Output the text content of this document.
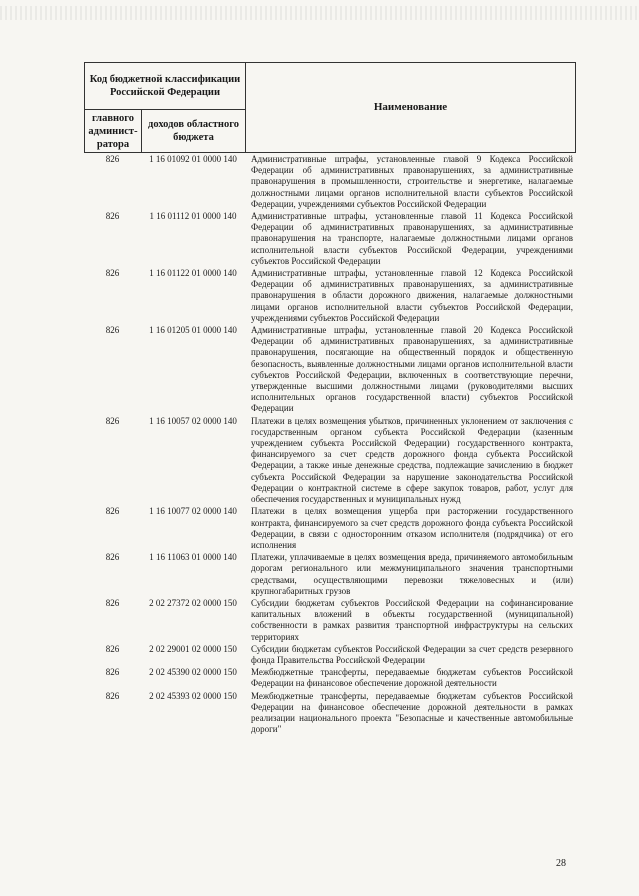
Код бюджетной классификации Российской Федерации		Наименование
главного админист-ратора	доходов областного бюджета	
826	1 16 01092 01 0000 140	Административные штрафы, установленные главой 9 Кодекса Российской Федерации об административных правонарушениях, за административные правонарушения в промышленности, строительстве и энергетике, налагаемые должностными лицами органов исполнительной власти субъектов Российской Федерации, учреждениями субъектов Российской Федерации
826	1 16 01112 01 0000 140	Административные штрафы, установленные главой 11 Кодекса Российской Федерации об административных правонарушениях, за административные правонарушения на транспорте, налагаемые должностными лицами органов исполнительной власти субъектов Российской Федерации, учреждениями субъектов Российской Федерации
826	1 16 01122 01 0000 140	Административные штрафы, установленные главой 12 Кодекса Российской Федерации об административных правонарушениях, за административные правонарушения в области дорожного движения, налагаемые должностными лицами органов исполнительной власти субъектов Российской Федерации, учреждениями субъектов Российской Федерации
826	1 16 01205 01 0000 140	Административные штрафы, установленные главой 20 Кодекса Российской Федерации об административных правонарушениях, за административные правонарушения, посягающие на общественный порядок и общественную безопасность, выявленные должностными лицами органов исполнительной власти субъектов Российской Федерации, включенных в соответствующие перечни, утвержденные высшими должностными лицами (руководителями высших исполнительных органов государственной власти) субъектов Российской Федерации
826	1 16 10057 02 0000 140	Платежи в целях возмещения убытков, причиненных уклонением от заключения с государственным органом субъекта Российской Федерации (казенным учреждением субъекта Российской Федерации) государственного контракта, финансируемого за счет средств дорожного фонда субъекта Российской Федерации, а также иные денежные средства, подлежащие зачислению в бюджет субъекта Российской Федерации за нарушение законодательства Российской Федерации о контрактной системе в сфере закупок товаров, работ, услуг для обеспечения государственных и муниципальных нужд
826	1 16 10077 02 0000 140	Платежи в целях возмещения ущерба при расторжении государственного контракта, финансируемого за счет средств дорожного фонда субъекта Российской Федерации, в связи с односторонним отказом исполнителя (подрядчика) от его исполнения
826	1 16 11063 01 0000 140	Платежи, уплачиваемые в целях возмещения вреда, причиняемого автомобильным дорогам регионального или межмуниципального значения транспортными средствами, осуществляющими перевозки тяжеловесных и (или) крупногабаритных грузов
826	2 02 27372 02 0000 150	Субсидии бюджетам субъектов Российской Федерации на софинансирование капитальных вложений в объекты государственной (муниципальной) собственности в рамках развития транспортной инфраструктуры на сельских территориях
826	2 02 29001 02 0000 150	Субсидии бюджетам субъектов Российской Федерации за счет средств резервного фонда Правительства Российской Федерации
826	2 02 45390 02 0000 150	Межбюджетные трансферты, передаваемые бюджетам субъектов Российской Федерации на финансовое обеспечение дорожной деятельности
826	2 02 45393 02 0000 150	Межбюджетные трансферты, передаваемые бюджетам субъектов Российской Федерации на финансовое обеспечение дорожной деятельности в рамках реализации национального проекта "Безопасные и качественные автомобильные дороги"
28
